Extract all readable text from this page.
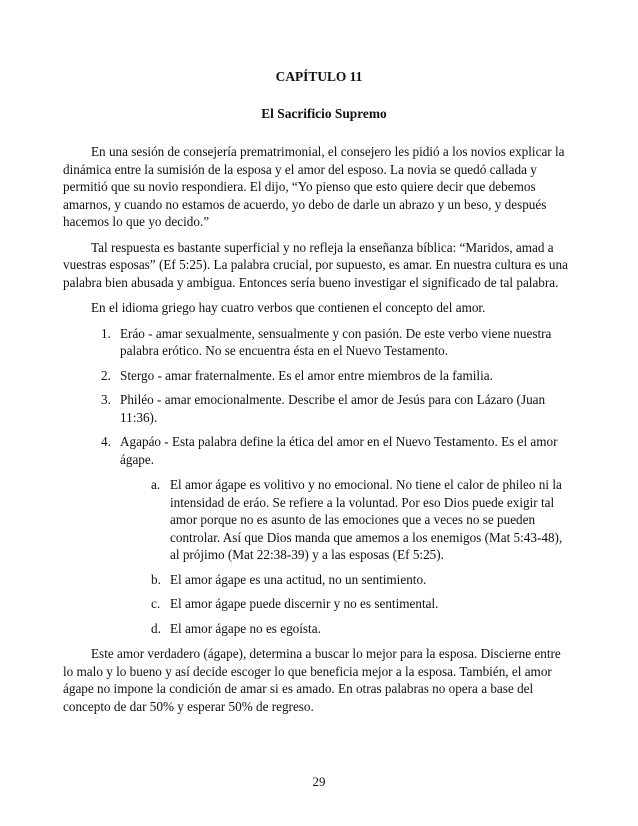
CAPÍTULO 11
El Sacrificio Supremo

En una sesión de consejería prematrimonial, el consejero les pidió a los novios explicar la dinámica entre la sumisión de la esposa y el amor del esposo. La novia se quedó callada y permitió que su novio respondiera. El dijo, “Yo pienso que esto quiere decir que debemos amarnos, y cuando no estamos de acuerdo, yo debo de darle un abrazo y un beso, y después hacemos lo que yo decido.”

Tal respuesta es bastante superficial y no refleja la enseñanza bíblica: “Maridos, amad a vuestras esposas” (Ef 5:25). La palabra crucial, por supuesto, es amar. En nuestra cultura es una palabra bien abusada y ambigua. Entonces sería bueno investigar el significado de tal palabra.

En el idioma griego hay cuatro verbos que contienen el concepto del amor.

1. Eráo - amar sexualmente, sensualmente y con pasión. De este verbo viene nuestra palabra erótico. No se encuentra ésta en el Nuevo Testamento.
2. Stergo - amar fraternalmente. Es el amor entre miembros de la familia.
3. Philéo - amar emocionalmente. Describe el amor de Jesús para con Lázaro (Juan 11:36).
4. Agapáo - Esta palabra define la ética del amor en el Nuevo Testamento. Es el amor ágape.
a. El amor ágape es volitivo y no emocional. No tiene el calor de phileo ni la intensidad de eráo. Se refiere a la voluntad. Por eso Dios puede exigir tal amor porque no es asunto de las emociones que a veces no se pueden controlar. Así que Dios manda que amemos a los enemigos (Mat 5:43-48), al prójimo (Mat 22:38-39) y a las esposas (Ef 5:25).
b. El amor ágape es una actitud, no un sentimiento.
c. El amor ágape puede discernir y no es sentimental.
d. El amor ágape no es egoísta.

Este amor verdadero (ágape), determina a buscar lo mejor para la esposa. Discierne entre lo malo y lo bueno y así decide escoger lo que beneficia mejor a la esposa. También, el amor ágape no impone la condición de amar si es amado. En otras palabras no opera a base del concepto de dar 50% y esperar 50% de regreso.

29
